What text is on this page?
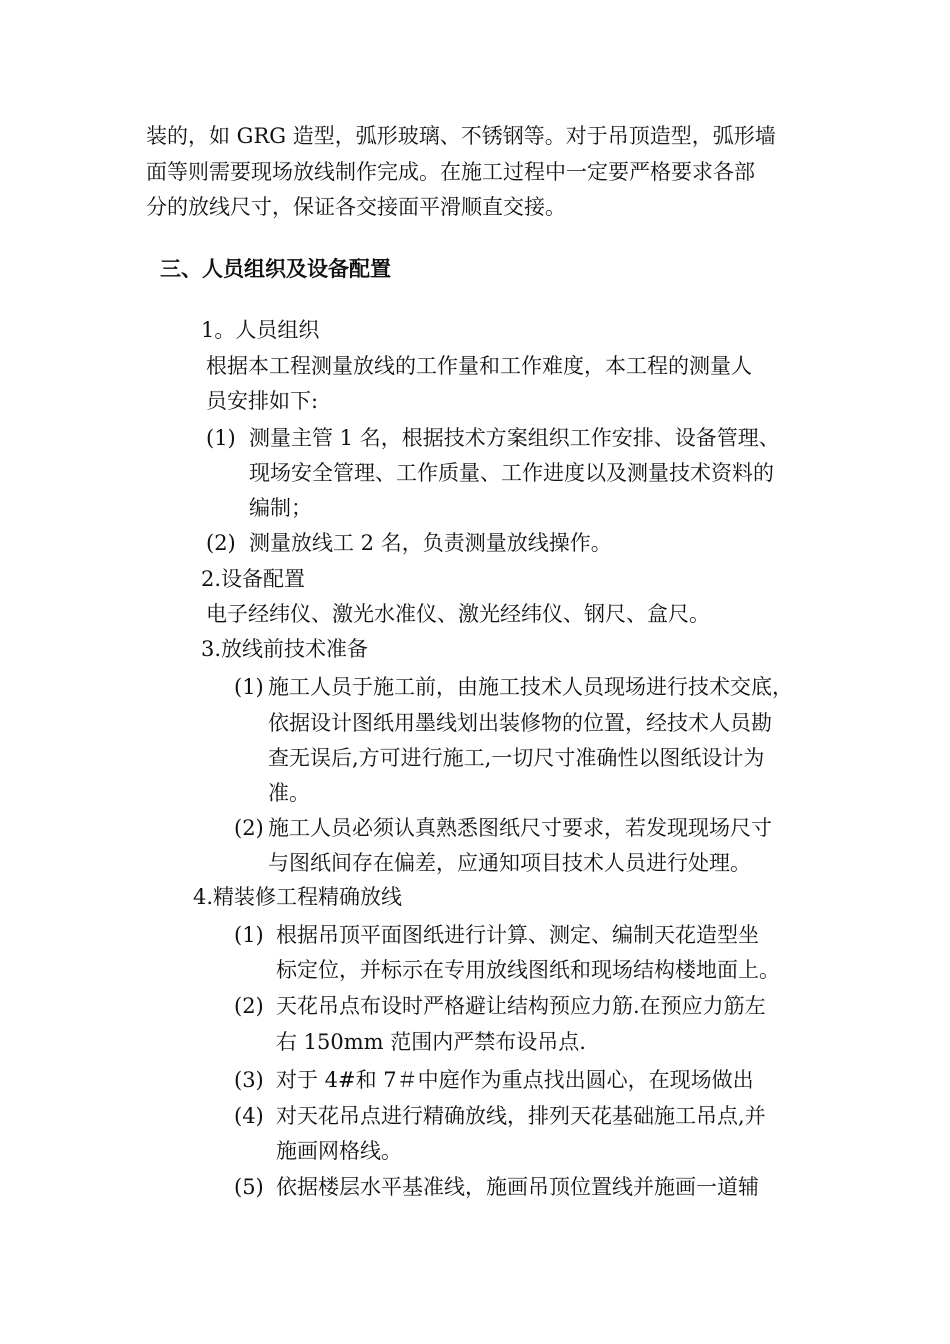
装的，如 GRG 造型，弧形玻璃、不锈钢等。对于吊顶造型，弧形墙
面等则需要现场放线制作完成。在施工过程中一定要严格要求各部
分的放线尺寸，保证各交接面平滑顺直交接。
三、人员组织及设备配置
1。人员组织
根据本工程测量放线的工作量和工作难度，本工程的测量人
员安排如下:
(1) 测量主管 1 名，根据技术方案组织工作安排、设备管理、
现场安全管理、工作质量、工作进度以及测量技术资料的
编制；
(2) 测量放线工 2 名，负责测量放线操作。
2.设备配置
电子经纬仪、激光水准仪、激光经纬仪、钢尺、盒尺。
3.放线前技术准备
(1) 施工人员于施工前，由施工技术人员现场进行技术交底，
依据设计图纸用墨线划出装修物的位置，经技术人员勘
查无误后,方可进行施工,一切尺寸准确性以图纸设计为
准。
(2) 施工人员必须认真熟悉图纸尺寸要求，若发现现场尺寸
与图纸间存在偏差，应通知项目技术人员进行处理。
4.精装修工程精确放线
(1) 根据吊顶平面图纸进行计算、测定、编制天花造型坐
标定位，并标示在专用放线图纸和现场结构楼地面上。
(2) 天花吊点布设时严格避让结构预应力筋.在预应力筋左
右 150mm 范围内严禁布设吊点.
(3) 对于 4#和 7＃中庭作为重点找出圆心，在现场做出
(4) 对天花吊点进行精确放线，排列天花基础施工吊点,并
施画网格线。
(5) 依据楼层水平基准线，施画吊顶位置线并施画一道辅
